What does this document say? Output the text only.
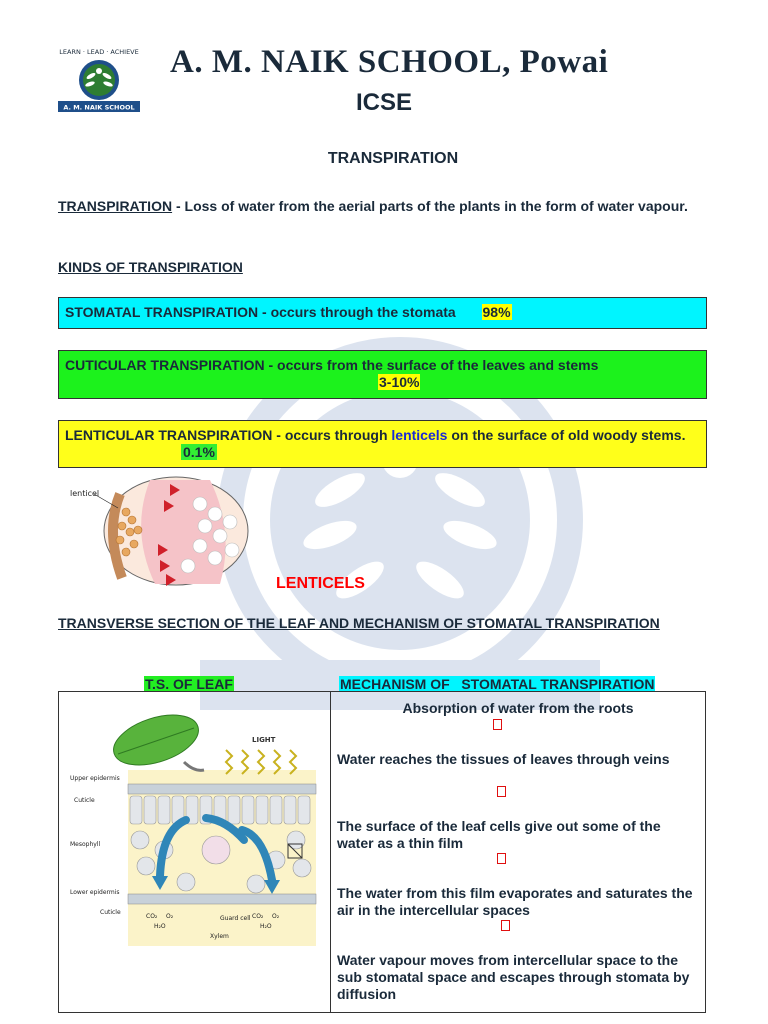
LEARN · LEAD · ACHIEVE
A. M. NAIK SCHOOL
A. M. NAIK SCHOOL, Powai
ICSE
TRANSPIRATION
TRANSPIRATION - Loss of water from the aerial parts of the plants in the form of water vapour.
KINDS OF TRANSPIRATION
STOMATAL TRANSPIRATION - occurs through the stomata 98%
CUTICULAR TRANSPIRATION - occurs from the surface of the leaves and stems
3-10%
LENTICULAR TRANSPIRATION - occurs through lenticels on the surface of old woody stems.0.1%
lenticel
LENTICELS
TRANSVERSE SECTION OF THE LEAF AND MECHANISM OF STOMATAL TRANSPIRATION
T.S. OF LEAF	MECHANISM OF   STOMATAL TRANSPIRATION
LIGHT
Cuticle
Upper epidermis
Mesophyll
Lower epidermis
Cuticle
CO₂ O₂
H₂O
Guard cell
Xylem
CO₂ O₂
H₂O
Absorption of water from the roots
Water reaches the tissues of leaves through veins
The surface of the leaf cells give out some of the water as a thin film
The water from this film evaporates and saturates the air in the intercellular spaces
Water vapour moves from intercellular space to the sub stomatal space and escapes through stomata by diffusion
